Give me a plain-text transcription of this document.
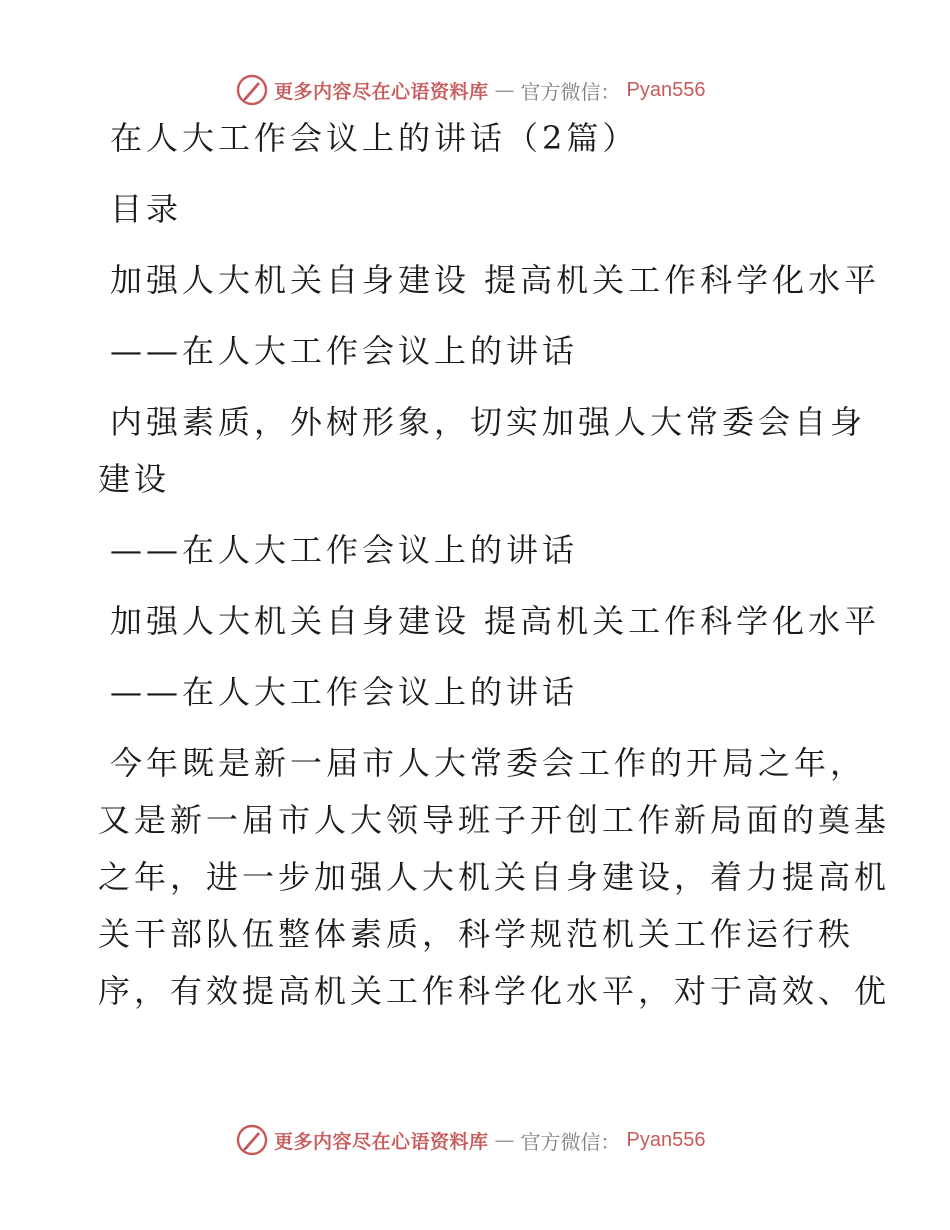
更多内容尽在心语资料库 — 官方微信： Pyan556

在人大工作会议上的讲话（2篇）

目录

加强人大机关自身建设 提高机关工作科学化水平

——在人大工作会议上的讲话

内强素质，外树形象，切实加强人大常委会自身

建设

——在人大工作会议上的讲话

加强人大机关自身建设 提高机关工作科学化水平

——在人大工作会议上的讲话

今年既是新一届市人大常委会工作的开局之年，

又是新一届市人大领导班子开创工作新局面的奠基

之年，进一步加强人大机关自身建设，着力提高机

关干部队伍整体素质，科学规范机关工作运行秩

序，有效提高机关工作科学化水平，对于高效、优

更多内容尽在心语资料库 — 官方微信： Pyan556
